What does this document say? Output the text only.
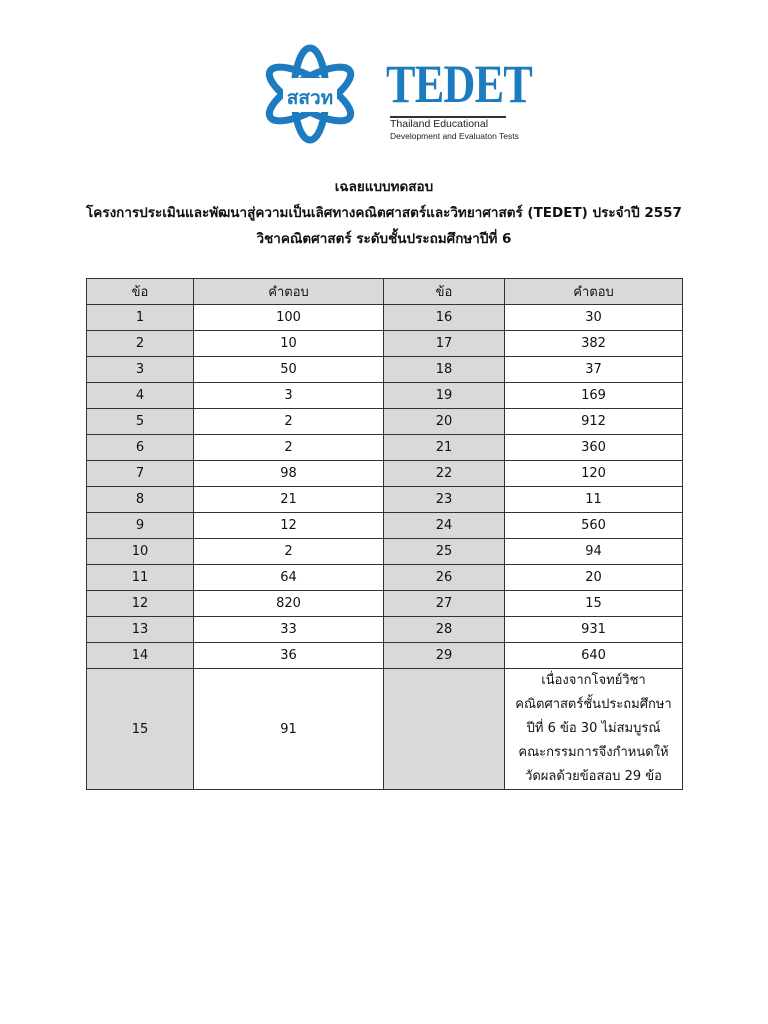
สสวท TEDET
Thailand Educational
Development and Evaluaton Tests
เฉลยแบบทดสอบ
โครงการประเมินและพัฒนาสู่ความเป็นเลิศทางคณิตศาสตร์และวิทยาศาสตร์ (TEDET) ประจำปี 2557
วิชาคณิตศาสตร์ ระดับชั้นประถมศึกษาปีที่ 6
ข้อ	คำตอบ	ข้อ	คำตอบ
1	100	16	30
2	10	17	382
3	50	18	37
4	3	19	169
5	2	20	912
6	2	21	360
7	98	22	120
8	21	23	11
9	12	24	560
10	2	25	94
11	64	26	20
12	820	27	15
13	33	28	931
14	36	29	640
15	91		เนื่องจากโจทย์วิชา
คณิตศาสตร์ชั้นประถมศึกษา
ปีที่ 6 ข้อ 30 ไม่สมบูรณ์
คณะกรรมการจึงกำหนดให้
วัดผลด้วยข้อสอบ 29 ข้อ
